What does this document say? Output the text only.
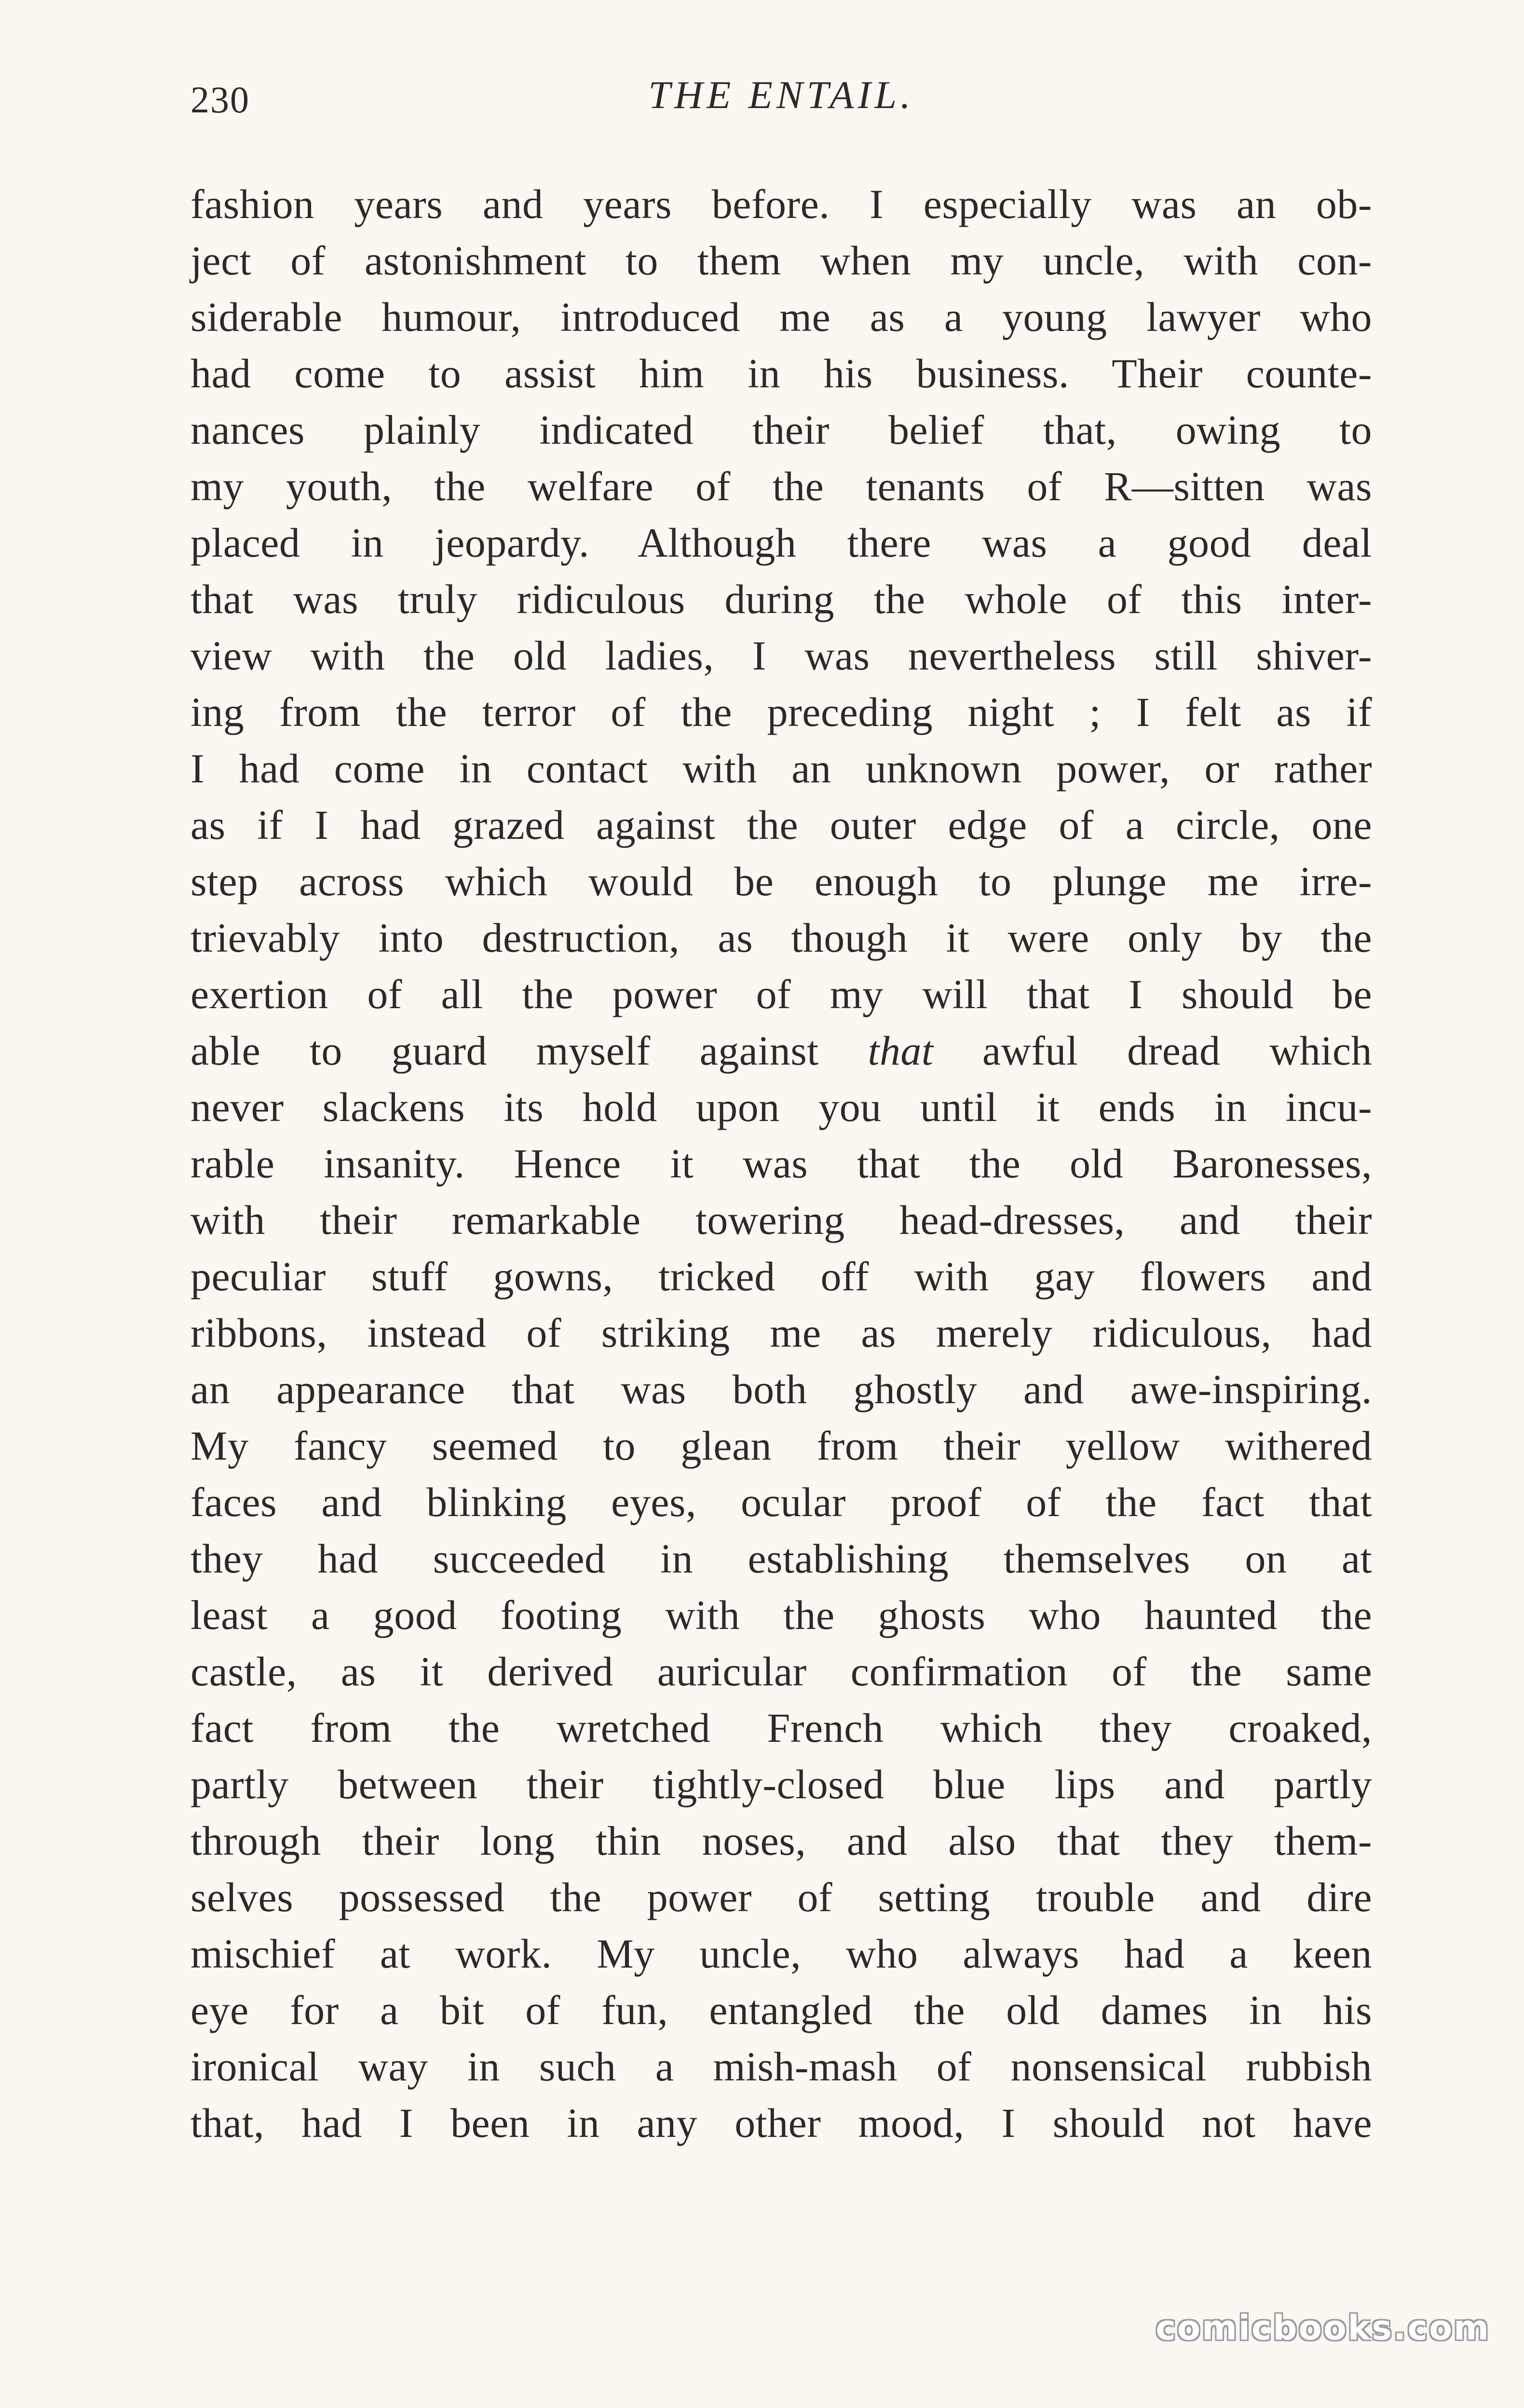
230	THE ENTAIL.
fashion years and years before. I especially was an ob-
ject of astonishment to them when my uncle, with con-
siderable humour, introduced me as a young lawyer who
had come to assist him in his business. Their counte-
nances plainly indicated their belief that, owing to
my youth, the welfare of the tenants of R—sitten was
placed in jeopardy. Although there was a good deal
that was truly ridiculous during the whole of this inter-
view with the old ladies, I was nevertheless still shiver-
ing from the terror of the preceding night ; I felt as if
I had come in contact with an unknown power, or rather
as if I had grazed against the outer edge of a circle, one
step across which would be enough to plunge me irre-
trievably into destruction, as though it were only by the
exertion of all the power of my will that I should be
able to guard myself against that awful dread which
never slackens its hold upon you until it ends in incu-
rable insanity. Hence it was that the old Baronesses,
with their remarkable towering head-dresses, and their
peculiar stuff gowns, tricked off with gay flowers and
ribbons, instead of striking me as merely ridiculous, had
an appearance that was both ghostly and awe-inspiring.
My fancy seemed to glean from their yellow withered
faces and blinking eyes, ocular proof of the fact that
they had succeeded in establishing themselves on at
least a good footing with the ghosts who haunted the
castle, as it derived auricular confirmation of the same
fact from the wretched French which they croaked,
partly between their tightly-closed blue lips and partly
through their long thin noses, and also that they them-
selves possessed the power of setting trouble and dire
mischief at work. My uncle, who always had a keen
eye for a bit of fun, entangled the old dames in his
ironical way in such a mish-mash of nonsensical rubbish
that, had I been in any other mood, I should not have
comicbooks.com
